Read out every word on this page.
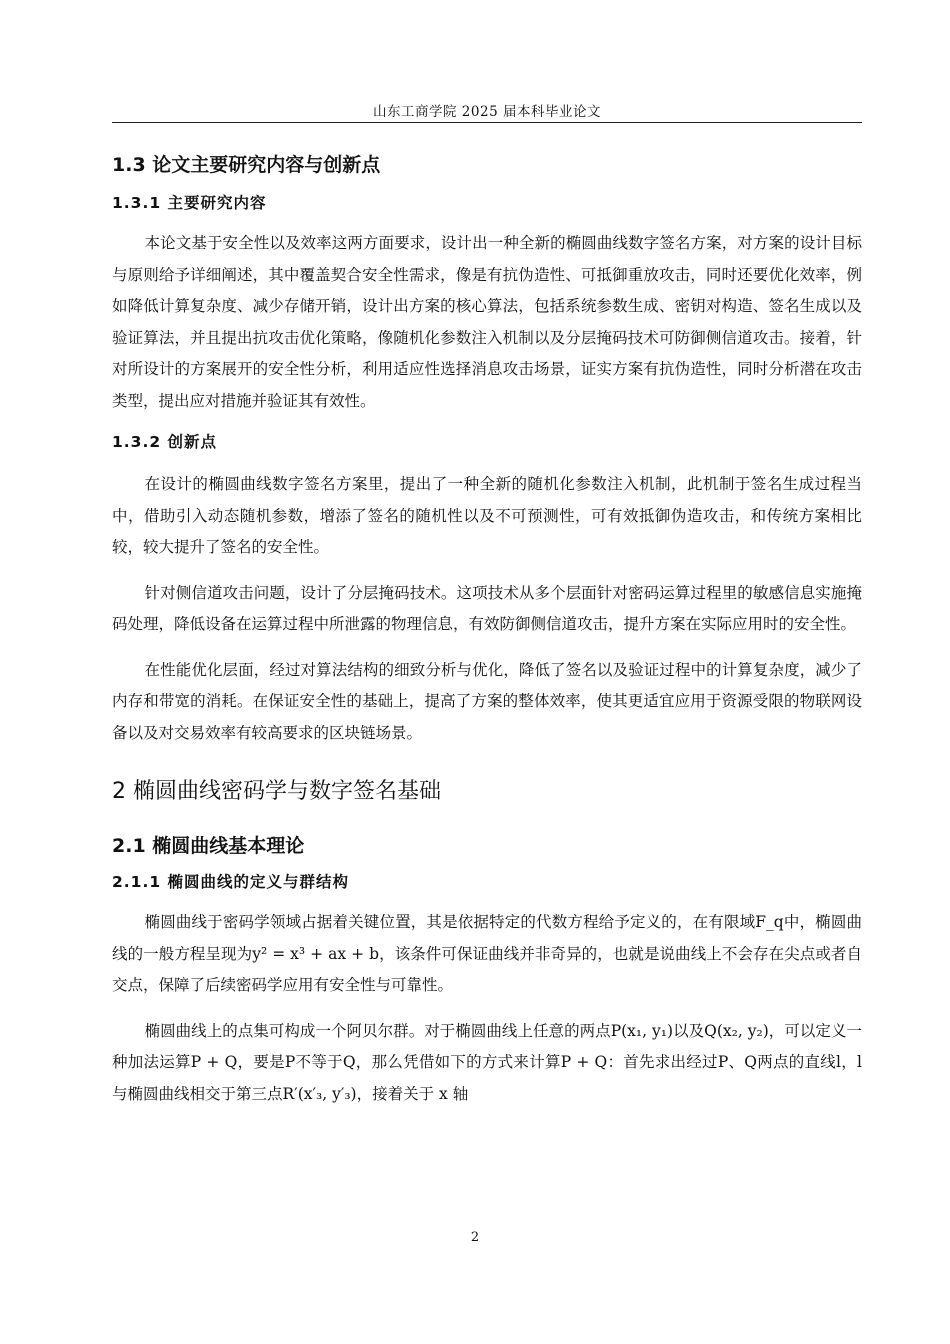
山东工商学院 2025 届本科毕业论文
1.3 论文主要研究内容与创新点
1.3.1 主要研究内容

本论文基于安全性以及效率这两方面要求，设计出一种全新的椭圆曲线数字签名方案，对方案的设计目标与原则给予详细阐述，其中覆盖契合安全性需求，像是有抗伪造性、可抵御重放攻击，同时还要优化效率，例如降低计算复杂度、减少存储开销，设计出方案的核心算法，包括系统参数生成、密钥对构造、签名生成以及验证算法，并且提出抗攻击优化策略，像随机化参数注入机制以及分层掩码技术可防御侧信道攻击。接着，针对所设计的方案展开的安全性分析，利用适应性选择消息攻击场景，证实方案有抗伪造性，同时分析潜在攻击类型，提出应对措施并验证其有效性。

1.3.2 创新点

在设计的椭圆曲线数字签名方案里，提出了一种全新的随机化参数注入机制，此机制于签名生成过程当中，借助引入动态随机参数，增添了签名的随机性以及不可预测性，可有效抵御伪造攻击，和传统方案相比较，较大提升了签名的安全性。

针对侧信道攻击问题，设计了分层掩码技术。这项技术从多个层面针对密码运算过程里的敏感信息实施掩码处理，降低设备在运算过程中所泄露的物理信息，有效防御侧信道攻击，提升方案在实际应用时的安全性。

在性能优化层面，经过对算法结构的细致分析与优化，降低了签名以及验证过程中的计算复杂度，减少了内存和带宽的消耗。在保证安全性的基础上，提高了方案的整体效率，使其更适宜应用于资源受限的物联网设备以及对交易效率有较高要求的区块链场景。

2 椭圆曲线密码学与数字签名基础
2.1 椭圆曲线基本理论
2.1.1 椭圆曲线的定义与群结构

椭圆曲线于密码学领域占据着关键位置，其是依据特定的代数方程给予定义的，在有限域F_q中，椭圆曲线的一般方程呈现为y² = x³ + ax + b，该条件可保证曲线并非奇异的，也就是说曲线上不会存在尖点或者自交点，保障了后续密码学应用有安全性与可靠性。

椭圆曲线上的点集可构成一个阿贝尔群。对于椭圆曲线上任意的两点P(x₁, y₁)以及Q(x₂, y₂)，可以定义一种加法运算P + Q，要是P不等于Q，那么凭借如下的方式来计算P + Q：首先求出经过P、Q两点的直线l，l与椭圆曲线相交于第三点R′(x′₃, y′₃)，接着关于 x 轴

2
